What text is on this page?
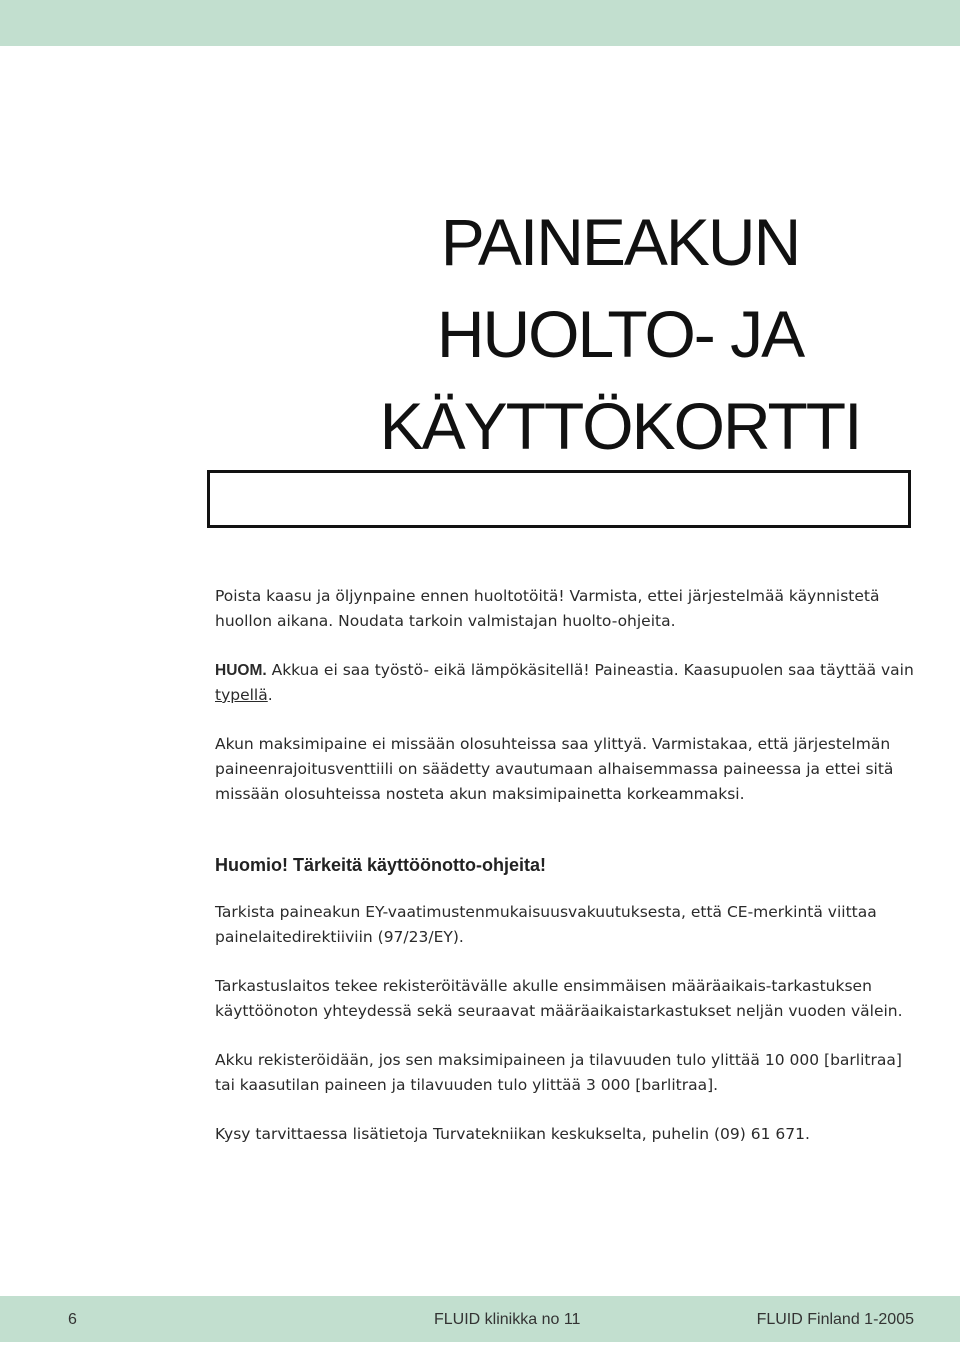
PAINEAKUN
HUOLTO- JA
KÄYTTÖKORTTI

Poista kaasu ja öljynpaine ennen huoltotöitä! Varmista, ettei järjestelmää käynnistetä huollon aikana. Noudata tarkoin valmistajan huolto-ohjeita.

HUOM. Akkua ei saa työstö- eikä lämpökäsitellä! Paineastia. Kaasupuolen saa täyttää vain typellä.

Akun maksimipaine ei missään olosuhteissa saa ylittyä. Varmistakaa, että järjestelmän paineenrajoitusventtiili on säädetty avautumaan alhaisemmassa paineessa ja ettei sitä missään olosuhteissa nosteta akun maksimipainetta korkeammaksi.

Huomio! Tärkeitä käyttöönotto-ohjeita!

Tarkista paineakun EY-vaatimustenmukaisuusvakuutuksesta, että CE-merkintä viittaa painelaitedirektiiviin (97/23/EY).

Tarkastuslaitos tekee rekisteröitävälle akulle ensimmäisen määräaikais-tarkastuksen käyttöönoton yhteydessä sekä seuraavat määräaikaistarkastukset neljän vuoden välein.

Akku rekisteröidään, jos sen maksimipaineen ja tilavuuden tulo ylittää 10 000 [barlitraa] tai kaasutilan paineen ja tilavuuden tulo ylittää 3 000 [barlitraa].

Kysy tarvittaessa lisätietoja Turvatekniikan keskukselta, puhelin (09) 61 671.

6	FLUID klinikka no 11	FLUID Finland 1-2005
